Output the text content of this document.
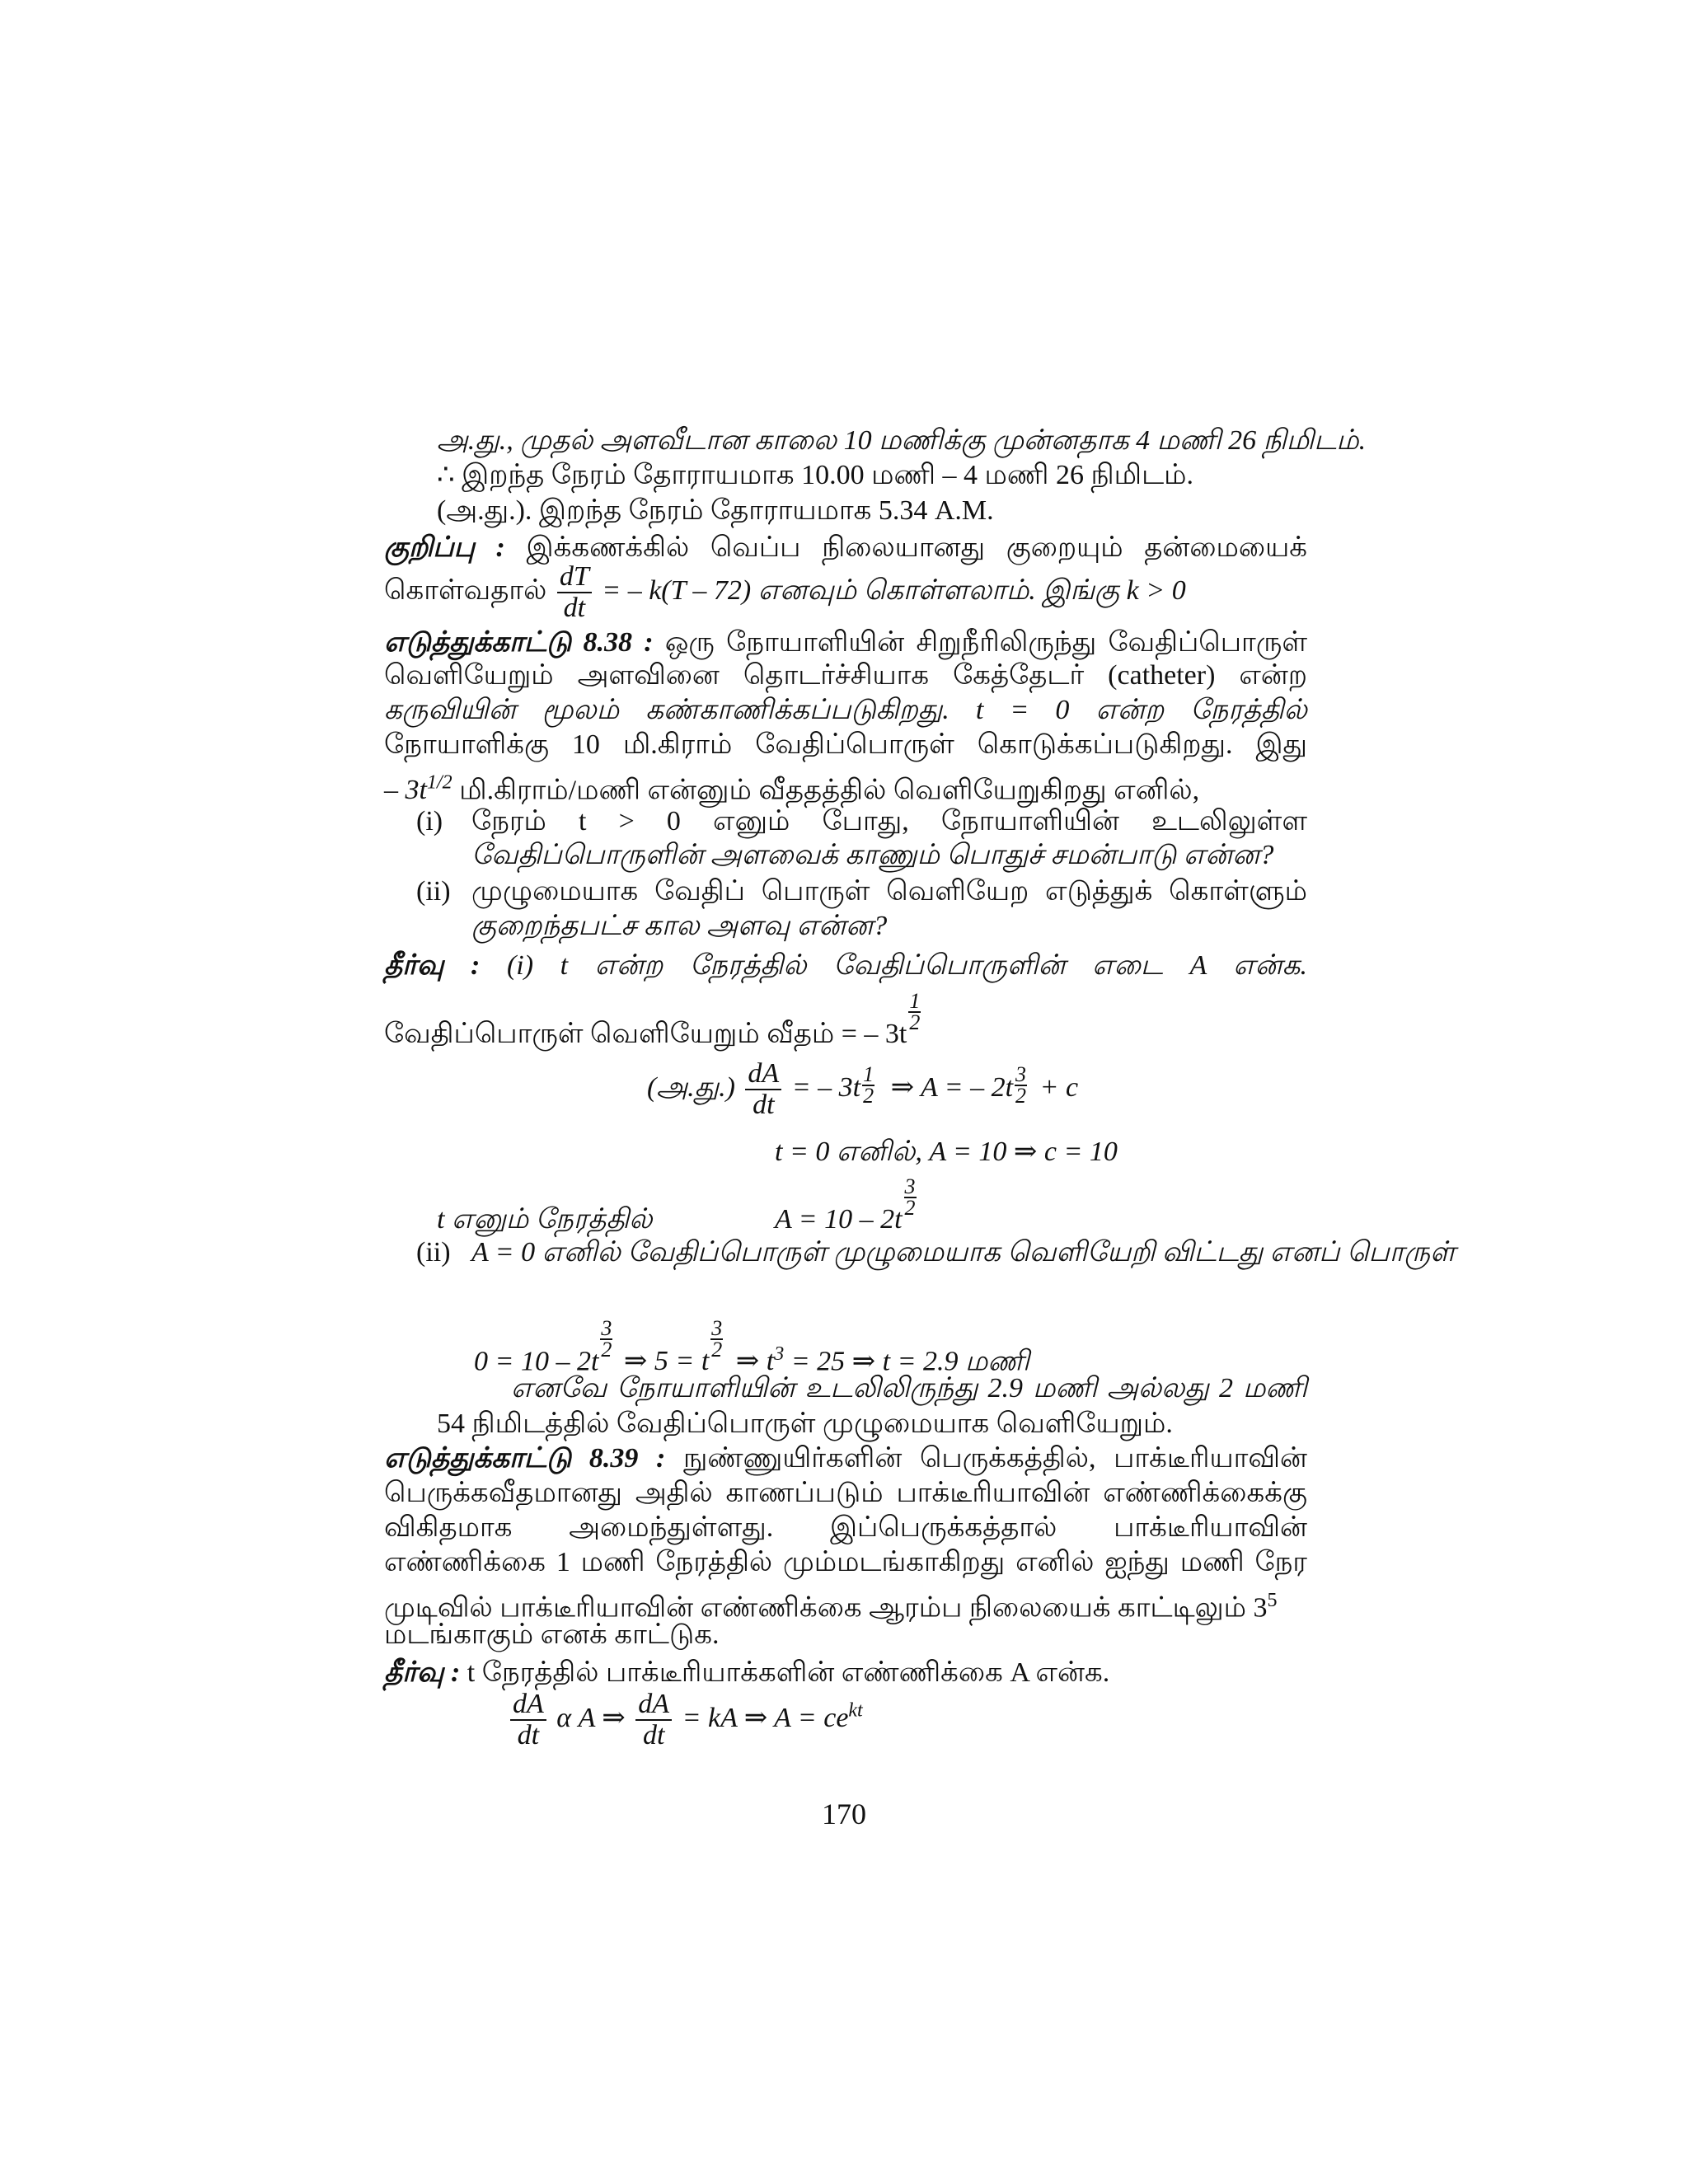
அ.து., முதல் அளவீடான காலை 10 மணிக்கு முன்னதாக 4 மணி 26 நிமிடம்.
∴ இறந்த நேரம் தோராயமாக 10.00 மணி – 4 மணி 26 நிமிடம்.
(அ.து.). இறந்த நேரம் தோராயமாக 5.34 A.M.
குறிப்பு : இக்கணக்கில் வெப்ப நிலையானது குறையும் தன்மையைக்
கொள்வதால் $\frac{dT}{dt}$ = – k(T – 72) எனவும் கொள்ளலாம். இங்கு k > 0
எடுத்துக்காட்டு 8.38 : ஒரு நோயாளியின் சிறுநீரிலிருந்து வேதிப்பொருள்
வெளியேறும் அளவினை தொடர்ச்சியாக கேத்தேடர் (catheter) என்ற
கருவியின் மூலம் கண்காணிக்கப்படுகிறது. t = 0 என்ற நேரத்தில்
நோயாளிக்கு 10 மி.கிராம் வேதிப்பொருள் கொடுக்கப்படுகிறது. இது
– $3t^{1/2}$ மி.கிராம்/மணி என்னும் வீததத்தில் வெளியேறுகிறது எனில்,
(i) நேரம் t > 0 எனும் போது, நோயாளியின் உடலிலுள்ள
வேதிப்பொருளின் அளவைக் காணும் பொதுச் சமன்பாடு என்ன?
(ii) முழுமையாக வேதிப் பொருள் வெளியேற எடுத்துக் கொள்ளும்
குறைந்தபட்ச கால அளவு என்ன?
தீர்வு : (i) t என்ற நேரத்தில் வேதிப்பொருளின் எடை A என்க.
வேதிப்பொருள் வெளியேறும் வீதம் = – 3t
1
2
(அ.து.) $\frac{dA}{dt}$ = – 3t 1
2 ⇒ A = – 2t 3
2 + c
t = 0 எனில், A = 10 ⇒ c = 10
t எனும் நேரத்தில்	A = 10 – 2t
3
2
(ii) A = 0 எனில் வேதிப்பொருள் முழுமையாக வெளியேறி விட்டது எனப் பொருள்
0 = 10 – 2t
3
2 ⇒ 5 = t
3
2 ⇒ $t^3 = 25$ ⇒ t = 2.9 மணி
எனவே நோயாளியின் உடலிலிருந்து 2.9 மணி அல்லது 2 மணி
54 நிமிடத்தில் வேதிப்பொருள் முழுமையாக வெளியேறும்.
எடுத்துக்காட்டு 8.39 : நுண்ணுயிர்களின் பெருக்கத்தில், பாக்டீரியாவின்
பெருக்கவீதமானது அதில் காணப்படும் பாக்டீரியாவின் எண்ணிக்கைக்கு
விகிதமாக அமைந்துள்ளது. இப்பெருக்கத்தால் பாக்டீரியாவின்
எண்ணிக்கை 1 மணி நேரத்தில் மும்மடங்காகிறது எனில் ஐந்து மணி நேர
முடிவில் பாக்டீரியாவின் எண்ணிக்கை ஆரம்ப நிலையைக் காட்டிலும் $3^5$
மடங்காகும் எனக் காட்டுக.
தீர்வு : t நேரத்தில் பாக்டீரியாக்களின் எண்ணிக்கை A என்க.
$\frac{dA}{dt}$ α A ⇒ $\frac{dA}{dt}$ = kA ⇒ $A = ce^{kt}$
170
